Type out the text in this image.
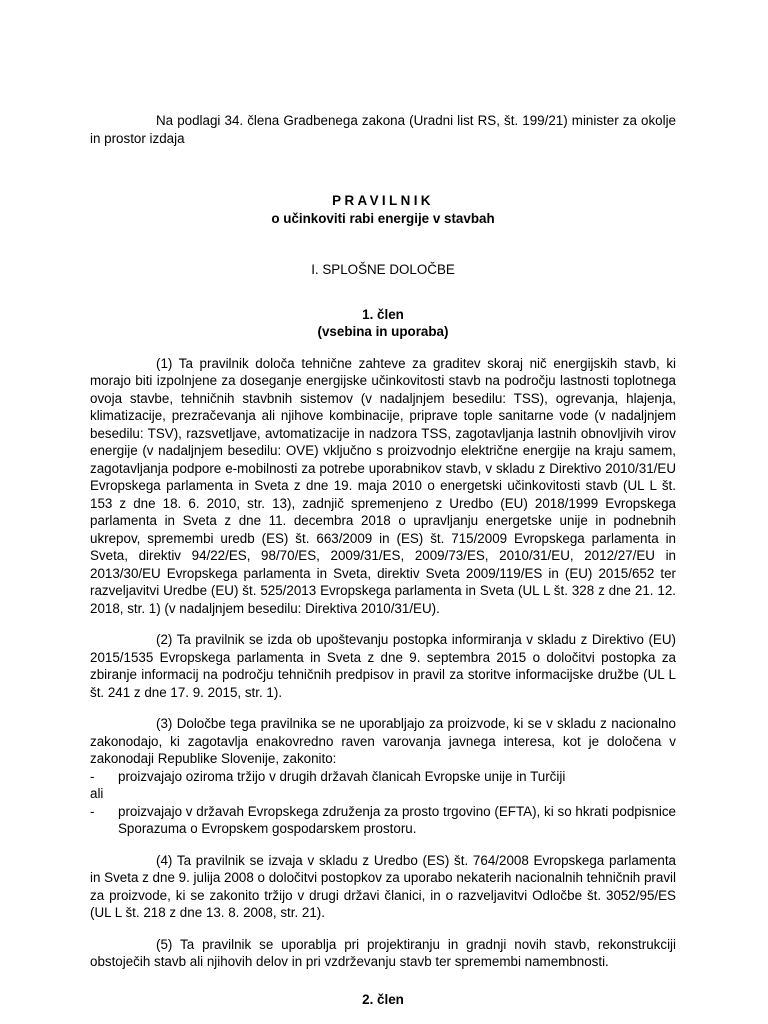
Na podlagi 34. člena Gradbenega zakona (Uradni list RS, št. 199/21) minister za okolje in prostor izdaja

PRAVILNIK
o učinkoviti rabi energije v stavbah
I. SPLOŠNE DOLOČBE
1. člen
(vsebina in uporaba)

(1) Ta pravilnik določa tehnične zahteve za graditev skoraj nič energijskih stavb, ki morajo biti izpolnjene za doseganje energijske učinkovitosti stavb na področju lastnosti toplotnega ovoja stavbe, tehničnih stavbnih sistemov (v nadaljnjem besedilu: TSS), ogrevanja, hlajenja, klimatizacije, prezračevanja ali njihove kombinacije, priprave tople sanitarne vode (v nadaljnjem besedilu: TSV), razsvetljave, avtomatizacije in nadzora TSS, zagotavljanja lastnih obnovljivih virov energije (v nadaljnjem besedilu: OVE) vključno s proizvodnjo električne energije na kraju samem, zagotavljanja podpore e-mobilnosti za potrebe uporabnikov stavb, v skladu z Direktivo 2010/31/EU Evropskega parlamenta in Sveta z dne 19. maja 2010 o energetski učinkovitosti stavb (UL L št. 153 z dne 18. 6. 2010, str. 13), zadnjič spremenjeno z Uredbo (EU) 2018/1999 Evropskega parlamenta in Sveta z dne 11. decembra 2018 o upravljanju energetske unije in podnebnih ukrepov, spremembi uredb (ES) št. 663/2009 in (ES) št. 715/2009 Evropskega parlamenta in Sveta, direktiv 94/22/ES, 98/70/ES, 2009/31/ES, 2009/73/ES, 2010/31/EU, 2012/27/EU in 2013/30/EU Evropskega parlamenta in Sveta, direktiv Sveta 2009/119/ES in (EU) 2015/652 ter razveljavitvi Uredbe (EU) št. 525/2013 Evropskega parlamenta in Sveta (UL L št. 328 z dne 21. 12. 2018, str. 1) (v nadaljnjem besedilu: Direktiva 2010/31/EU).

(2) Ta pravilnik se izda ob upoštevanju postopka informiranja v skladu z Direktivo (EU) 2015/1535 Evropskega parlamenta in Sveta z dne 9. septembra 2015 o določitvi postopka za zbiranje informacij na področju tehničnih predpisov in pravil za storitve informacijske družbe (UL L št. 241 z dne 17. 9. 2015, str. 1).

(3) Določbe tega pravilnika se ne uporabljajo za proizvode, ki se v skladu z nacionalno zakonodajo, ki zagotavlja enakovredno raven varovanja javnega interesa, kot je določena v zakonodaji Republike Slovenije, zakonito:

-	proizvajajo oziroma tržijo v drugih državah članicah Evropske unije in Turčiji
ali
-	proizvajajo v državah Evropskega združenja za prosto trgovino (EFTA), ki so hkrati podpisnice Sporazuma o Evropskem gospodarskem prostoru.

(4) Ta pravilnik se izvaja v skladu z Uredbo (ES) št. 764/2008 Evropskega parlamenta in Sveta z dne 9. julija 2008 o določitvi postopkov za uporabo nekaterih nacionalnih tehničnih pravil za proizvode, ki se zakonito tržijo v drugi državi članici, in o razveljavitvi Odločbe št. 3052/95/ES (UL L št. 218 z dne 13. 8. 2008, str. 21).

(5) Ta pravilnik se uporablja pri projektiranju in gradnji novih stavb, rekonstrukciji obstoječih stavb ali njihovih delov in pri vzdrževanju stavb ter spremembi namembnosti.

2. člen
